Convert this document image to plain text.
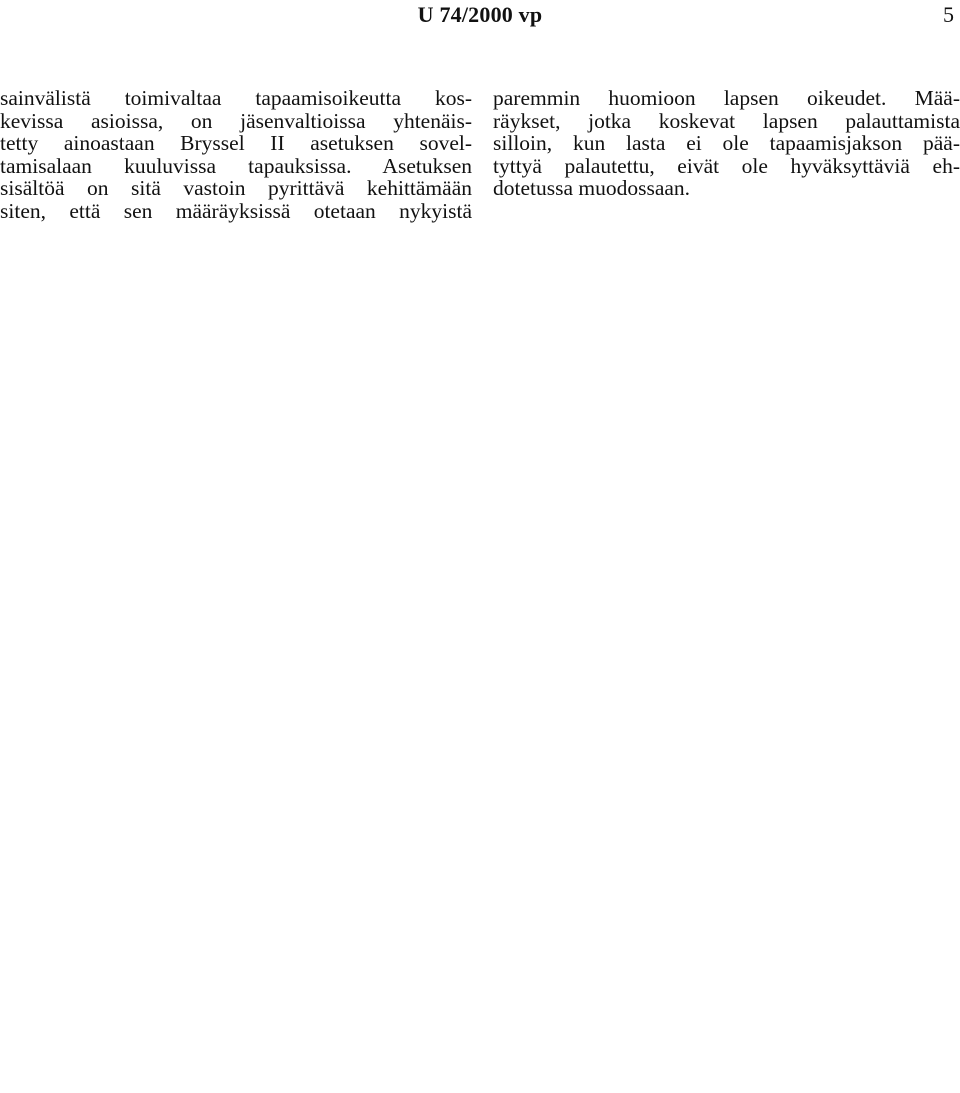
U 74/2000 vp	5
sainvälistä toimivaltaa tapaamisoikeutta kos-
kevissa asioissa, on jäsenvaltioissa yhtenäis-
tetty ainoastaan Bryssel II asetuksen sovel-
tamisalaan kuuluvissa tapauksissa. Asetuksen
sisältöä on sitä vastoin pyrittävä kehittämään
siten, että sen määräyksissä otetaan nykyistä
paremmin huomioon lapsen oikeudet. Mää-
räykset, jotka koskevat lapsen palauttamista
silloin, kun lasta ei ole tapaamisjakson pää-
tyttyä palautettu, eivät ole hyväksyttäviä eh-
dotetussa muodossaan.
